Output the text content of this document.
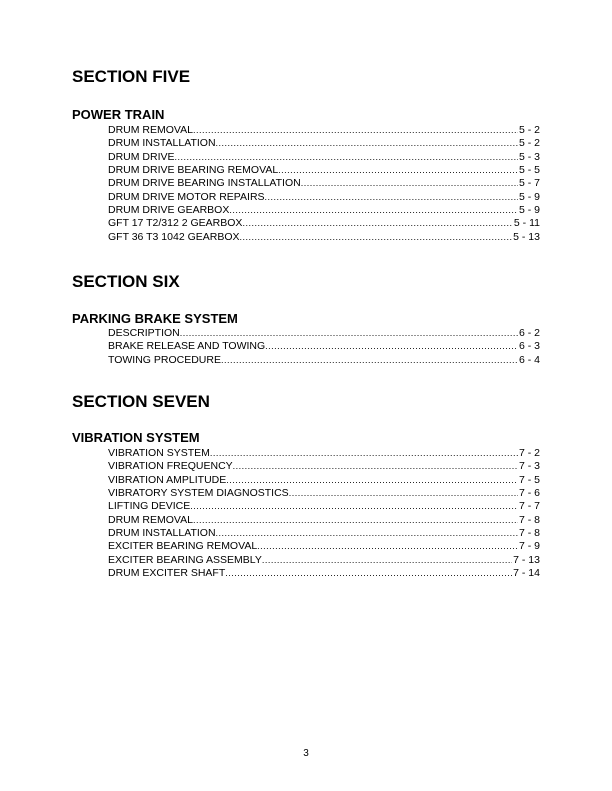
SECTION FIVE
POWER TRAIN
DRUM REMOVAL .....	5 - 2
DRUM INSTALLATION .....	5 - 2
DRUM DRIVE .....	5 - 3
DRUM DRIVE BEARING REMOVAL .....	5 - 5
DRUM DRIVE BEARING INSTALLATION .....	5 - 7
DRUM DRIVE MOTOR REPAIRS .....	5 - 9
DRUM DRIVE GEARBOX .....	5 - 9
GFT 17 T2/312 2 GEARBOX .....	5 - 11
GFT 36 T3 1042 GEARBOX .....	5 - 13
SECTION SIX
PARKING BRAKE SYSTEM
DESCRIPTION .....	6 - 2
BRAKE RELEASE AND TOWING .....	6 - 3
TOWING PROCEDURE .....	6 - 4
SECTION SEVEN
VIBRATION SYSTEM
VIBRATION SYSTEM .....	7 - 2
VIBRATION FREQUENCY .....	7 - 3
VIBRATION AMPLITUDE .....	7 - 5
VIBRATORY SYSTEM DIAGNOSTICS .....	7 - 6
LIFTING DEVICE .....	7 - 7
DRUM REMOVAL .....	7 - 8
DRUM INSTALLATION .....	7 - 8
EXCITER BEARING REMOVAL .....	7 - 9
EXCITER BEARING ASSEMBLY .....	7 - 13
DRUM EXCITER SHAFT .....	7 - 14
3
